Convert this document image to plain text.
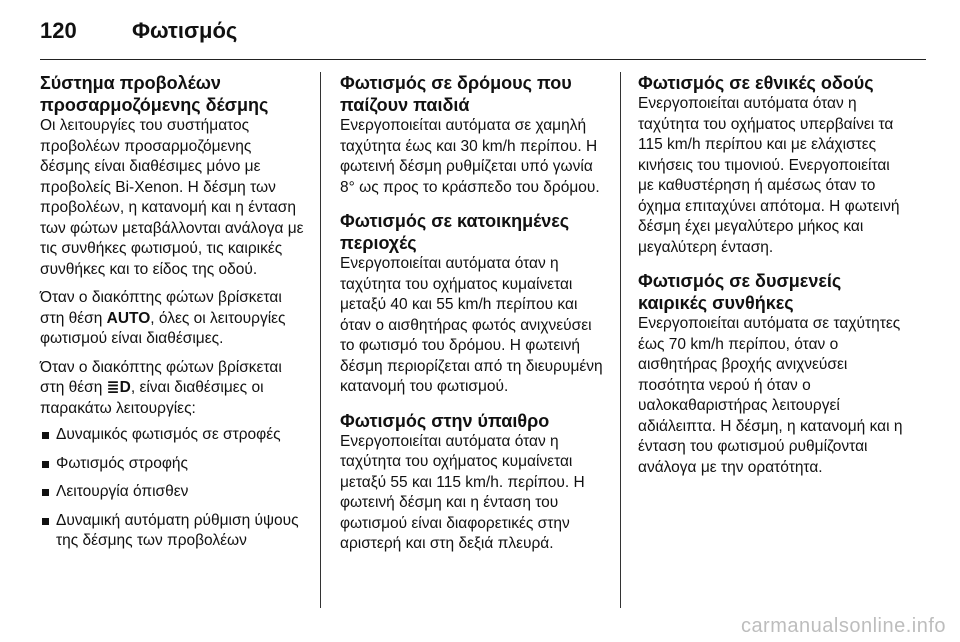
120	Φωτισμός
Σύστημα προβολέων προσαρμοζόμενης δέσμης

Οι λειτουργίες του συστήματος προβολέων προσαρμοζόμενης δέσμης είναι διαθέσιμες μόνο με προβολείς Bi-Xenon. Η δέσμη των προβολέων, η κατανομή και η ένταση των φώτων μεταβάλλονται ανάλογα με τις συνθήκες φωτισμού, τις καιρικές συνθήκες και το είδος της οδού.

Όταν ο διακόπτης φώτων βρίσκεται στη θέση AUTO, όλες οι λειτουργίες φωτισμού είναι διαθέσιμες.

Όταν ο διακόπτης φώτων βρίσκεται στη θέση ≣D, είναι διαθέσιμες οι παρακάτω λειτουργίες:

Δυναμικός φωτισμός σε στροφές
Φωτισμός στροφής
Λειτουργία όπισθεν
Δυναμική αυτόματη ρύθμιση ύψους της δέσμης των προβολέων
Φωτισμός σε δρόμους που παίζουν παιδιά

Ενεργοποιείται αυτόματα σε χαμηλή ταχύτητα έως και 30 km/h περίπου. Η φωτεινή δέσμη ρυθμίζεται υπό γωνία 8° ως προς το κράσπεδο του δρόμου.

Φωτισμός σε κατοικημένες περιοχές

Ενεργοποιείται αυτόματα όταν η ταχύτητα του οχήματος κυμαίνεται μεταξύ 40 και 55 km/h περίπου και όταν ο αισθητήρας φωτός ανιχνεύσει το φωτισμό του δρόμου. Η φωτεινή δέσμη περιορίζεται από τη διευρυμένη κατανομή του φωτισμού.

Φωτισμός στην ύπαιθρο

Ενεργοποιείται αυτόματα όταν η ταχύτητα του οχήματος κυμαίνεται μεταξύ 55 και 115 km/h. περίπου. Η φωτεινή δέσμη και η ένταση του φωτισμού είναι διαφορετικές στην αριστερή και στη δεξιά πλευρά.

Φωτισμός σε εθνικές οδούς

Ενεργοποιείται αυτόματα όταν η ταχύτητα του οχήματος υπερβαίνει τα 115 km/h περίπου και με ελάχιστες κινήσεις του τιμονιού. Ενεργοποιείται με καθυστέρηση ή αμέσως όταν το όχημα επιταχύνει απότομα. Η φωτεινή δέσμη έχει μεγαλύτερο μήκος και μεγαλύτερη ένταση.

Φωτισμός σε δυσμενείς καιρικές συνθήκες

Ενεργοποιείται αυτόματα σε ταχύτητες έως 70 km/h περίπου, όταν ο αισθητήρας βροχής ανιχνεύσει ποσότητα νερού ή όταν ο υαλοκαθαριστήρας λειτουργεί αδιάλειπτα. Η δέσμη, η κατανομή και η ένταση του φωτισμού ρυθμίζονται ανάλογα με την ορατότητα.

carmanualsonline.info
